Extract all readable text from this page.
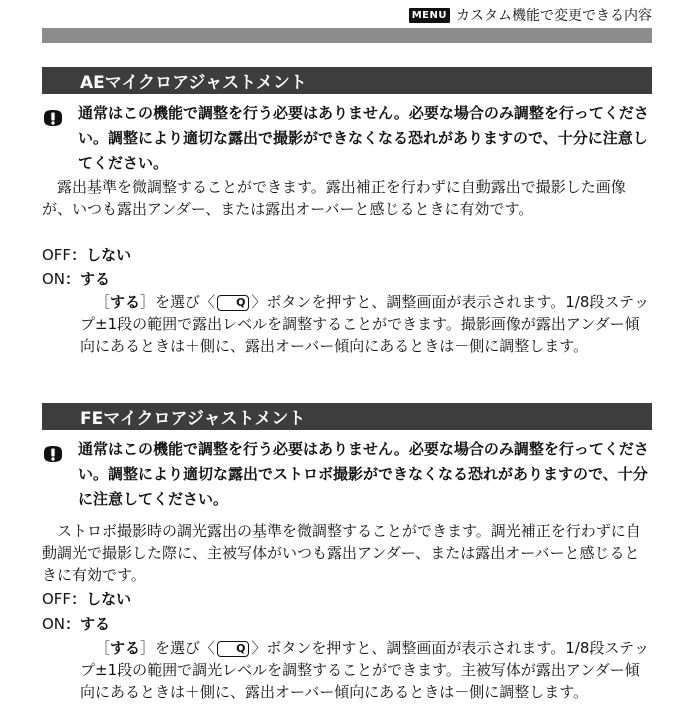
MENU カスタム機能で変更できる内容
AEマイクロアジャストメント
通常はこの機能で調整を行う必要はありません。必要な場合のみ調整を行ってください。調整により適切な露出で撮影ができなくなる恐れがありますので、十分に注意してください。
露出基準を微調整することができます。露出補正を行わずに自動露出で撮影した画像が、いつも露出アンダー、または露出オーバーと感じるときに有効です。
OFF：しない
ON：する
［する］を選び〈 Q 〉ボタンを押すと、調整画面が表示されます。1/8段ステップ±1段の範囲で露出レベルを調整することができます。撮影画像が露出アンダー傾向にあるときは＋側に、露出オーバー傾向にあるときは－側に調整します。
FEマイクロアジャストメント
通常はこの機能で調整を行う必要はありません。必要な場合のみ調整を行ってください。調整により適切な露出でストロボ撮影ができなくなる恐れがありますので、十分に注意してください。
ストロボ撮影時の調光露出の基準を微調整することができます。調光補正を行わずに自動調光で撮影した際に、主被写体がいつも露出アンダー、または露出オーバーと感じるときに有効です。
OFF：しない
ON：する
［する］を選び〈 Q 〉ボタンを押すと、調整画面が表示されます。1/8段ステップ±1段の範囲で調光レベルを調整することができます。主被写体が露出アンダー傾向にあるときは＋側に、露出オーバー傾向にあるときは－側に調整します。
